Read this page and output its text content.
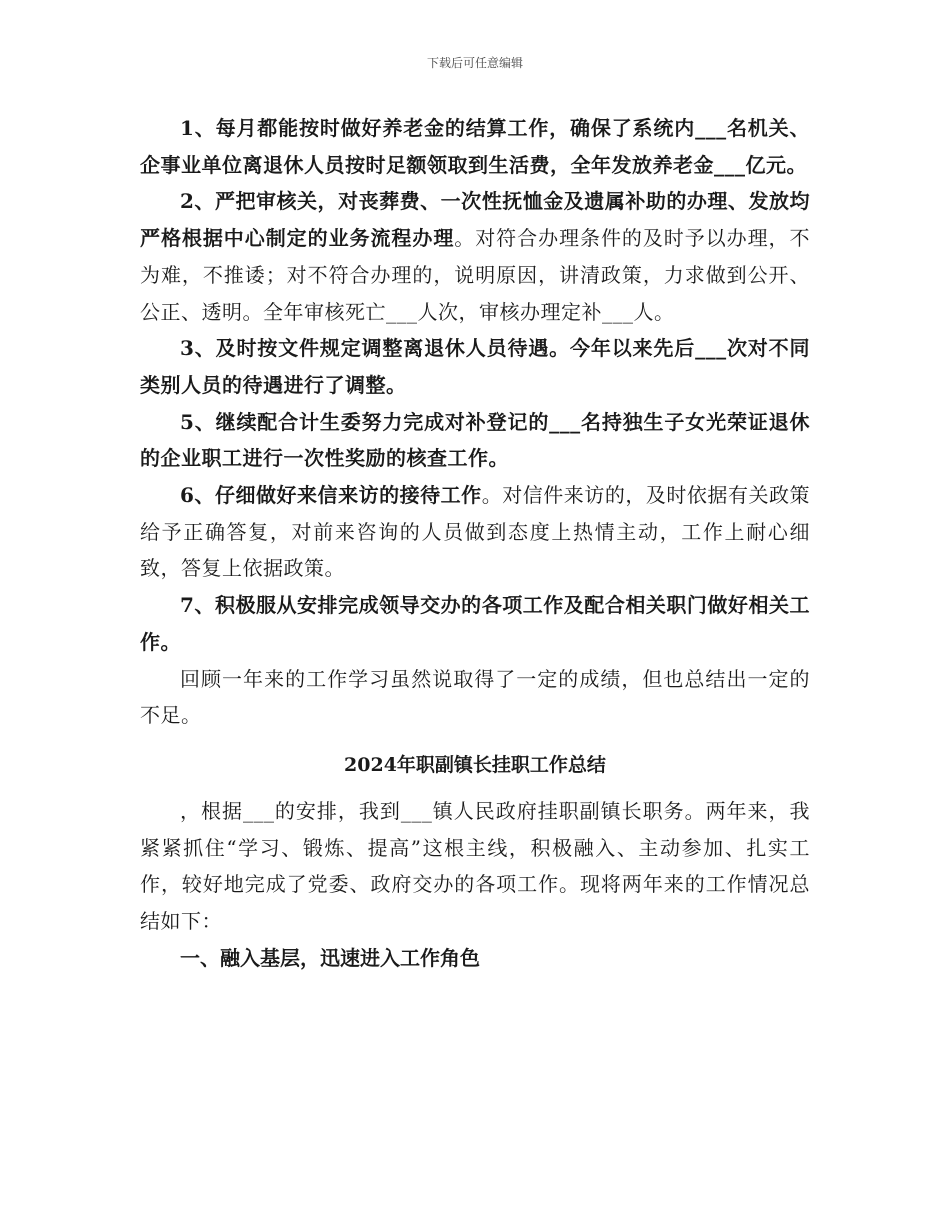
下载后可任意编辑

1、每月都能按时做好养老金的结算工作，确保了系统内___名机关、企事业单位离退休人员按时足额领取到生活费，全年发放养老金___亿元。

2、严把审核关，对丧葬费、一次性抚恤金及遗属补助的办理、发放均严格根据中心制定的业务流程办理。对符合办理条件的及时予以办理，不为难，不推诿；对不符合办理的，说明原因，讲清政策，力求做到公开、公正、透明。全年审核死亡___人次，审核办理定补___人。

3、及时按文件规定调整离退休人员待遇。今年以来先后___次对不同类别人员的待遇进行了调整。

5、继续配合计生委努力完成对补登记的___名持独生子女光荣证退休的企业职工进行一次性奖励的核查工作。

6、仔细做好来信来访的接待工作。对信件来访的，及时依据有关政策给予正确答复，对前来咨询的人员做到态度上热情主动，工作上耐心细致，答复上依据政策。

7、积极服从安排完成领导交办的各项工作及配合相关职门做好相关工作。

回顾一年来的工作学习虽然说取得了一定的成绩，但也总结出一定的不足。

2024年职副镇长挂职工作总结

，根据___的安排，我到___镇人民政府挂职副镇长职务。两年来，我紧紧抓住“学习、锻炼、提高”这根主线，积极融入、主动参加、扎实工作，较好地完成了党委、政府交办的各项工作。现将两年来的工作情况总结如下：

一、融入基层，迅速进入工作角色
